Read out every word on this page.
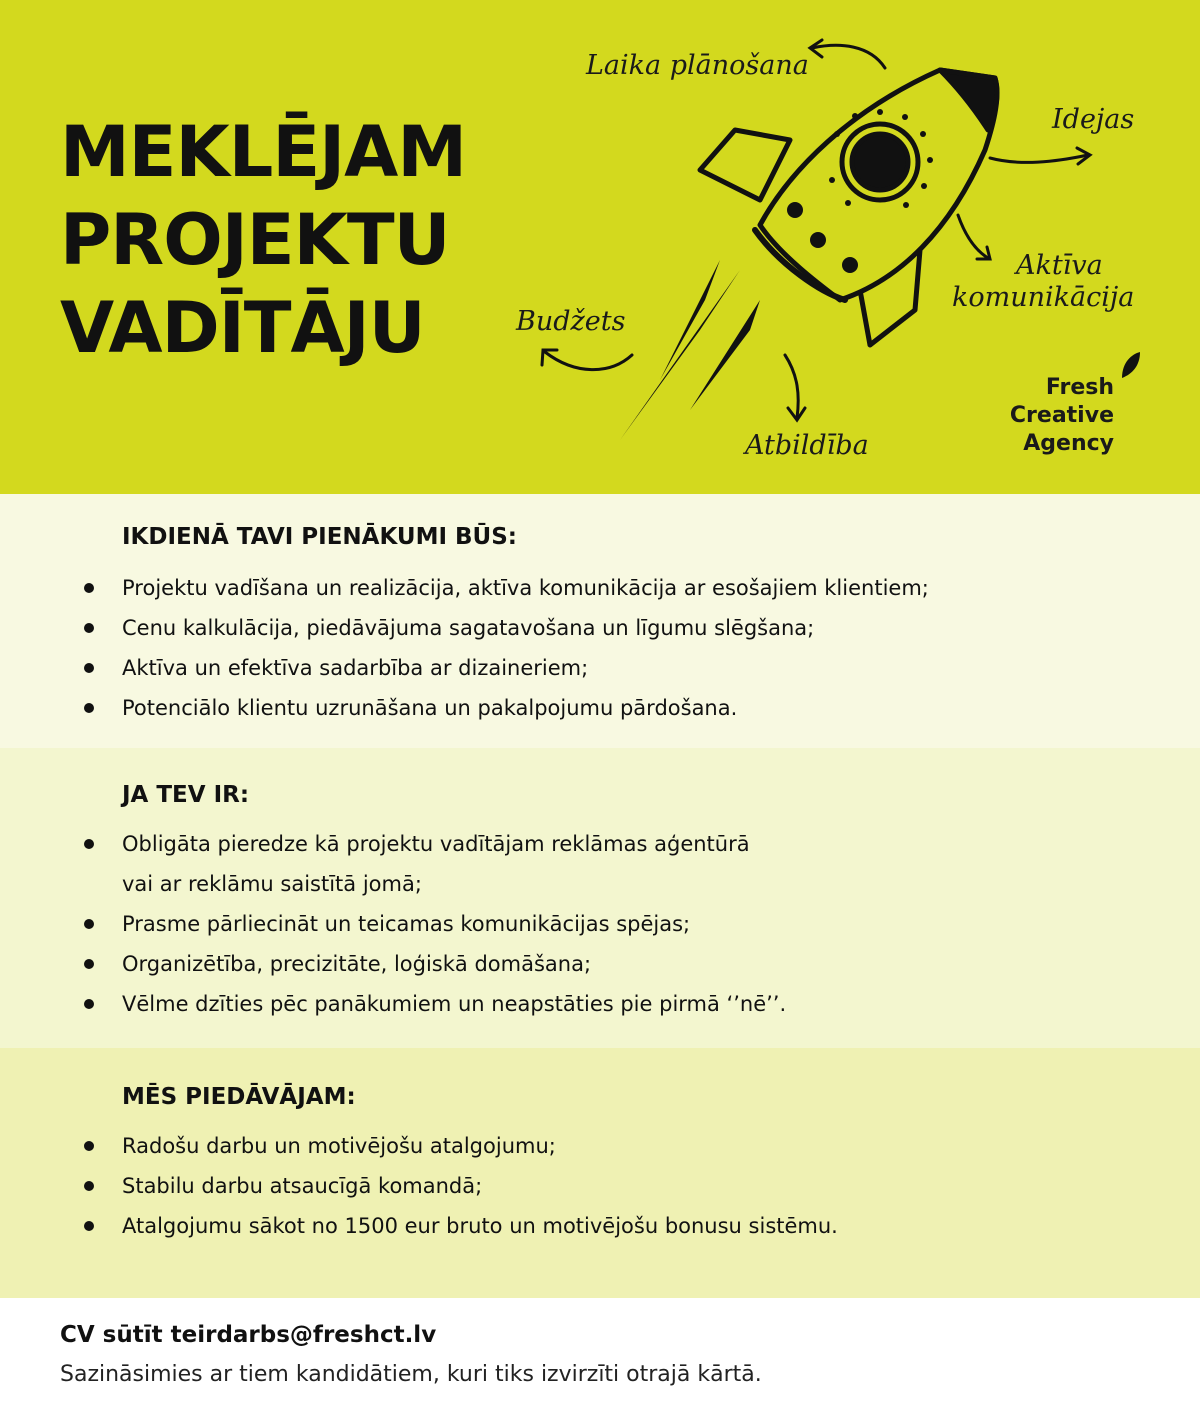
MEKLĒJAM
PROJEKTU
VADĪTĀJU
Laika plānošana
Idejas
Aktīva
komunikācija
Budžets
Atbildība
Fresh
Creative
Agency
IKDIENĀ TAVI PIENĀKUMI BŪS:
Projektu vadīšana un realizācija, aktīva komunikācija ar esošajiem klientiem;
Cenu kalkulācija, piedāvājuma sagatavošana un līgumu slēgšana;
Aktīva un efektīva sadarbība ar dizaineriem;
Potenciālo klientu uzrunāšana un pakalpojumu pārdošana.
JA TEV IR:
Obligāta pieredze kā projektu vadītājam reklāmas aģentūrā
vai ar reklāmu saistītā jomā;
Prasme pārliecināt un teicamas komunikācijas spējas;
Organizētība, precizitāte, loģiskā domāšana;
Vēlme dzīties pēc panākumiem un neapstāties pie pirmā ‘’nē’’.
MĒS PIEDĀVĀJAM:
Radošu darbu un motivējošu atalgojumu;
Stabilu darbu atsaucīgā komandā;
Atalgojumu sākot no 1500 eur bruto un motivējošu bonusu sistēmu.

CV sūtīt teirdarbs@freshct.lv

Sazināsimies ar tiem kandidātiem, kuri tiks izvirzīti otrajā kārtā.
